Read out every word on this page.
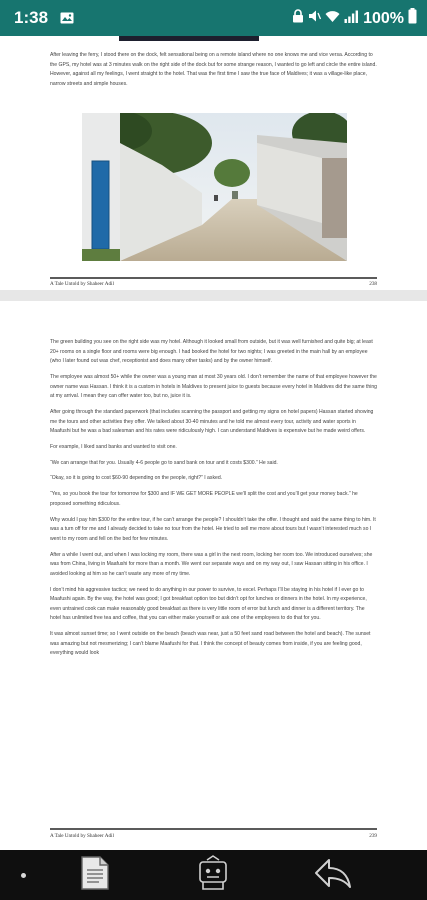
1:38	100%

After leaving the ferry, I stood there on the dock, felt sensational being on a remote island where no one knows me and vice versa. According to the GPS, my hotel was at 3 minutes walk on the right side of the dock but for some strange reason, I wanted to go left and circle the entire island. However, against all my feelings, I went straight to the hotel. That was the first time I saw the true face of Maldives; it was a village-like place, narrow streets and simple houses.

A Tale Untold by Shaheer Adil	238

The green building you see on the right side was my hotel. Although it looked small from outside, but it was well furnished and quite big; at least 20+ rooms on a single floor and rooms were big enough. I had booked the hotel for two nights; I was greeted in the main hall by an employee (who I later found out was chef, receptionist and does many other tasks) and by the owner himself.

The employee was almost 50+ while the owner was a young man at most 30 years old. I don’t remember the name of that employee however the owner name was Hassan. I think it is a custom in hotels in Maldives to present juice to guests because every hotel in Maldives did the same thing at my arrival. I mean they can offer water too, but no, juice it is.

After going through the standard paperwork (that includes scanning the passport and getting my signs on hotel papers) Hassan started showing me the tours and other activities they offer. We talked about 30-40 minutes and he told me almost every tour, activity and water sports in Maafushi but he was a bad salesman and his rates were ridiculously high. I can understand Maldives is expensive but he made weird offers.

For example, I liked sand banks and wanted to visit one.

“We can arrange that for you. Usually 4-6 people go to sand bank on tour and it costs $300.” He said.

“Okay, so it is going to cost $60-90 depending on the people, right?” I asked.

“Yes, so you book the tour for tomorrow for $300 and IF WE GET MORE PEOPLE we’ll split the cost and you’ll get your money back.” he proposed something ridiculous.

Why would I pay him $300 for the entire tour, if he can’t arrange the people? I shouldn’t take the offer. I thought and said the same thing to him. It was a turn off for me and I already decided to take no tour from the hotel. He tried to sell me more about tours but I wasn’t interested much so I went to my room and fell on the bed for few minutes.

After a while I went out, and when I was locking my room, there was a girl in the next room, locking her room too. We introduced ourselves; she was from China, living in Maafushi for more than a month. We went our separate ways and on my way out, I saw Hassan sitting in his office. I avoided looking at him so he can’t waste any more of my time.

I don’t mind his aggressive tactics; we need to do anything in our power to survive, to excel. Perhaps I’ll be staying in his hotel if I ever go to Maafushi again. By the way, the hotel was good; I got breakfast option too but didn’t opt for lunches or dinners in the hotel. In my experience, even untrained cook can make reasonably good breakfast as there is very little room of error but lunch and dinner is a different territory. The hotel has unlimited free tea and coffee, that you can either make yourself or ask one of the employees to do that for you.

It was almost sunset time; so I went outside on the beach (beach was near, just a 50 feet sand road between the hotel and beach). The sunset was amazing but not mesmerizing; I can’t blame Maafushi for that. I think the concept of beauty comes from inside, if you are feeling good, everything would look

A Tale Untold by Shaheer Adil	239
